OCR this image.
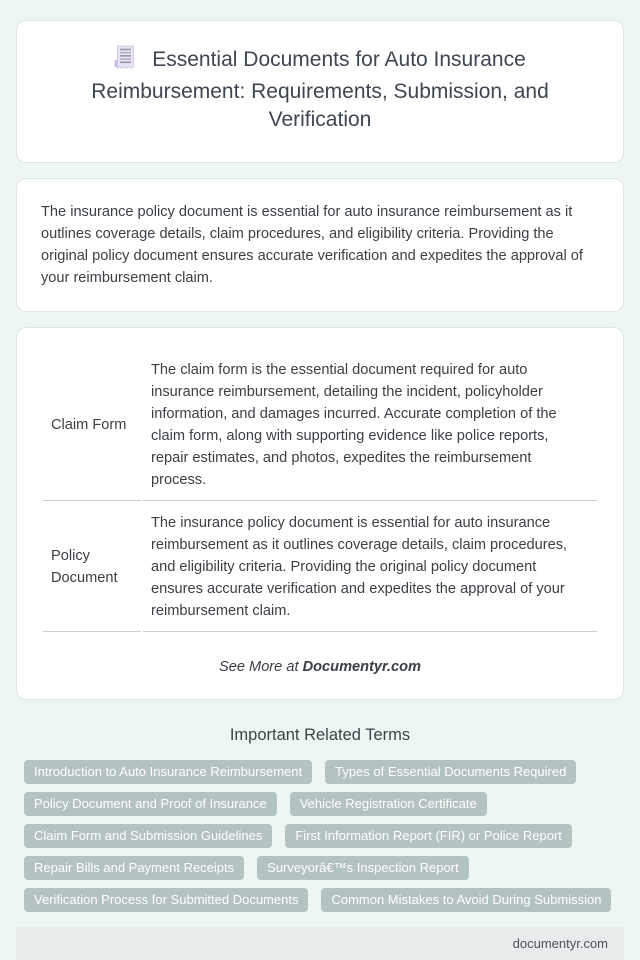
Essential Documents for Auto Insurance Reimbursement: Requirements, Submission, and Verification

The insurance policy document is essential for auto insurance reimbursement as it outlines coverage details, claim procedures, and eligibility criteria. Providing the original policy document ensures accurate verification and expedites the approval of your reimbursement claim.

Claim Form	The claim form is the essential document required for auto insurance reimbursement, detailing the incident, policyholder information, and damages incurred. Accurate completion of the claim form, along with supporting evidence like police reports, repair estimates, and photos, expedites the reimbursement process.
Policy Document	The insurance policy document is essential for auto insurance reimbursement as it outlines coverage details, claim procedures, and eligibility criteria. Providing the original policy document ensures accurate verification and expedites the approval of your reimbursement claim.
See More at Documentyr.com
Important Related Terms
Introduction to Auto Insurance Reimbursement	Types of Essential Documents Required
Policy Document and Proof of Insurance	Vehicle Registration Certificate
Claim Form and Submission Guidelines	First Information Report (FIR) or Police Report
Repair Bills and Payment Receipts	Surveyorâ€™s Inspection Report
Verification Process for Submitted Documents	Common Mistakes to Avoid During Submission
documentyr.com
